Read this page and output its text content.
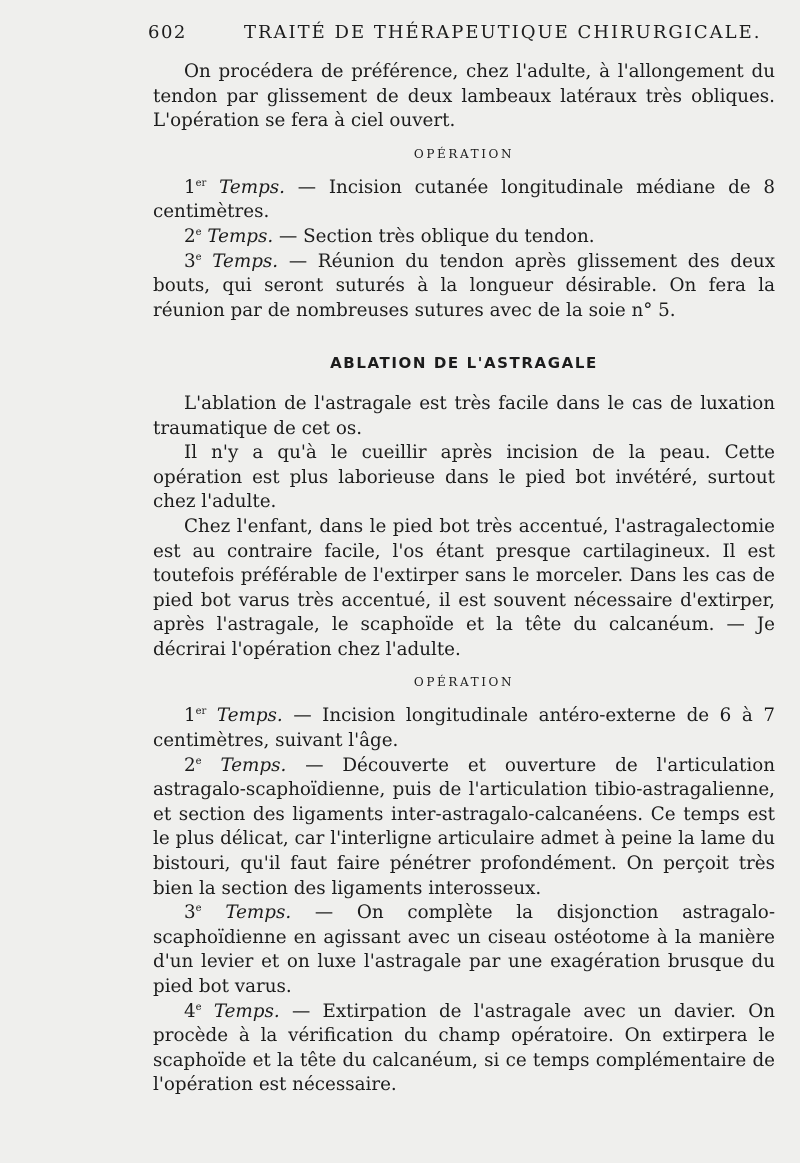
602	TRAITÉ DE THÉRAPEUTIQUE CHIRURGICALE.

On procédera de préférence, chez l'adulte, à l'allongement du tendon par glissement de deux lambeaux latéraux très obliques. L'opération se fera à ciel ouvert.

OPÉRATION

1er Temps. — Incision cutanée longitudinale médiane de 8 centimètres.

2e Temps. — Section très oblique du tendon.

3e Temps. — Réunion du tendon après glissement des deux bouts, qui seront suturés à la longueur désirable. On fera la réunion par de nombreuses sutures avec de la soie n° 5.

ABLATION DE L'ASTRAGALE

L'ablation de l'astragale est très facile dans le cas de luxation traumatique de cet os.

Il n'y a qu'à le cueillir après incision de la peau. Cette opération est plus laborieuse dans le pied bot invétéré, surtout chez l'adulte.

Chez l'enfant, dans le pied bot très accentué, l'astragalectomie est au contraire facile, l'os étant presque cartilagineux. Il est toutefois préférable de l'extirper sans le morceler. Dans les cas de pied bot varus très accentué, il est souvent nécessaire d'extirper, après l'astragale, le scaphoïde et la tête du calcanéum. — Je décrirai l'opération chez l'adulte.

OPÉRATION

1er Temps. — Incision longitudinale antéro-externe de 6 à 7 centimètres, suivant l'âge.

2e Temps. — Découverte et ouverture de l'articulation astragalo-scaphoïdienne, puis de l'articulation tibio-astragalienne, et section des ligaments inter-astragalo-calcanéens. Ce temps est le plus délicat, car l'interligne articulaire admet à peine la lame du bistouri, qu'il faut faire pénétrer profondément. On perçoit très bien la section des ligaments interosseux.

3e Temps. — On complète la disjonction astragalo-scaphoïdienne en agissant avec un ciseau ostéotome à la manière d'un levier et on luxe l'astragale par une exagération brusque du pied bot varus.

4e Temps. — Extirpation de l'astragale avec un davier. On procède à la vérification du champ opératoire. On extirpera le scaphoïde et la tête du calcanéum, si ce temps complémentaire de l'opération est nécessaire.
